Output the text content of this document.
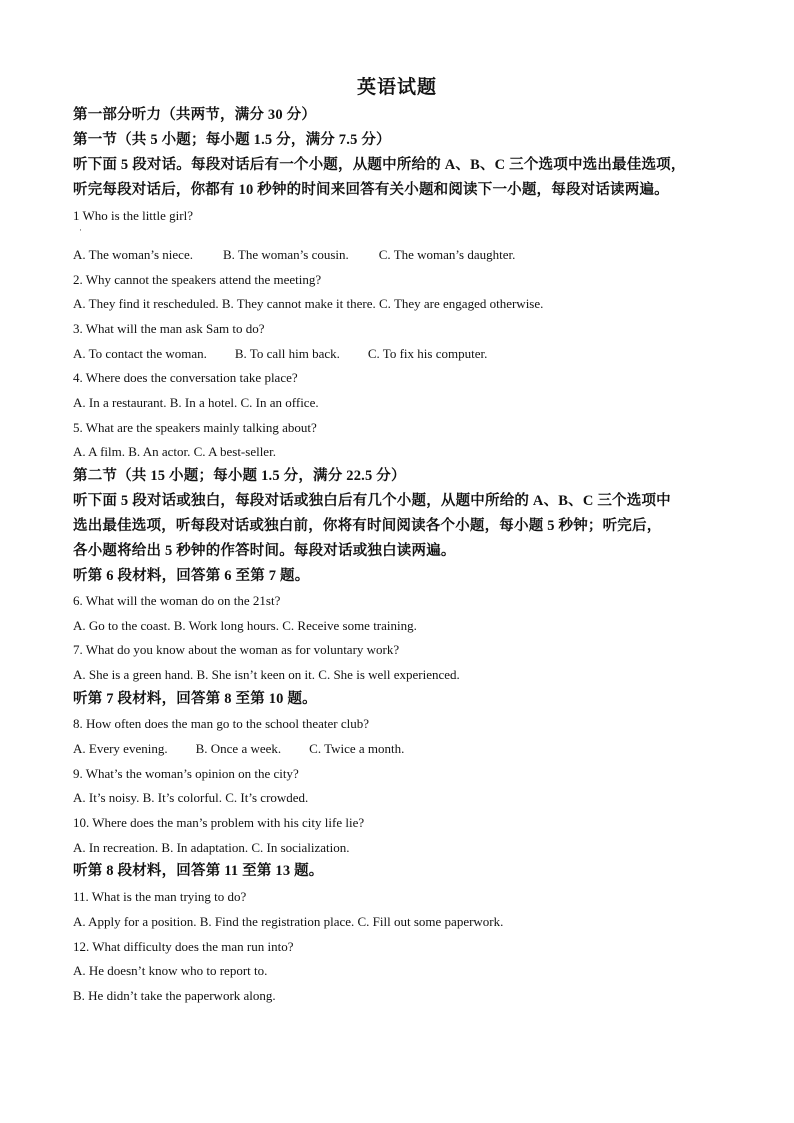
英语试题
第一部分听力（共两节，满分 30 分）
第一节（共 5 小题；每小题 1.5 分，满分 7.5 分）
听下面 5 段对话。每段对话后有一个小题，从题中所给的 A、B、C 三个选项中选出最佳选项，
听完每段对话后，你都有 10 秒钟的时间来回答有关小题和阅读下一小题，每段对话读两遍。
1 Who is the little girl?
·
A. The woman’s niece. B. The woman’s cousin. C. The woman’s daughter.
2. Why cannot the speakers attend the meeting?
A. They find it rescheduled. B. They cannot make it there. C. They are engaged otherwise.
3. What will the man ask Sam to do?
A. To contact the woman. B. To call him back. C. To fix his computer.
4. Where does the conversation take place?
A. In a restaurant. B. In a hotel. C. In an office.
5. What are the speakers mainly talking about?
A. A film. B. An actor. C. A best-seller.
第二节（共 15 小题；每小题 1.5 分，满分 22.5 分）
听下面 5 段对话或独白，每段对话或独白后有几个小题，从题中所给的 A、B、C 三个选项中
选出最佳选项，听每段对话或独白前，你将有时间阅读各个小题，每小题 5 秒钟；听完后，
各小题将给出 5 秒钟的作答时间。每段对话或独白读两遍。
听第 6 段材料，回答第 6 至第 7 题。
6. What will the woman do on the 21st?
A. Go to the coast. B. Work long hours. C. Receive some training.
7. What do you know about the woman as for voluntary work?
A. She is a green hand. B. She isn’t keen on it. C. She is well experienced.
听第 7 段材料，回答第 8 至第 10 题。
8. How often does the man go to the school theater club?
A. Every evening. B. Once a week. C. Twice a month.
9. What’s the woman’s opinion on the city?
A. It’s noisy. B. It’s colorful. C. It’s crowded.
10. Where does the man’s problem with his city life lie?
A. In recreation. B. In adaptation. C. In socialization.
听第 8 段材料，回答第 11 至第 13 题。
11. What is the man trying to do?
A. Apply for a position. B. Find the registration place. C. Fill out some paperwork.
12. What difficulty does the man run into?
A. He doesn’t know who to report to.
B. He didn’t take the paperwork along.
